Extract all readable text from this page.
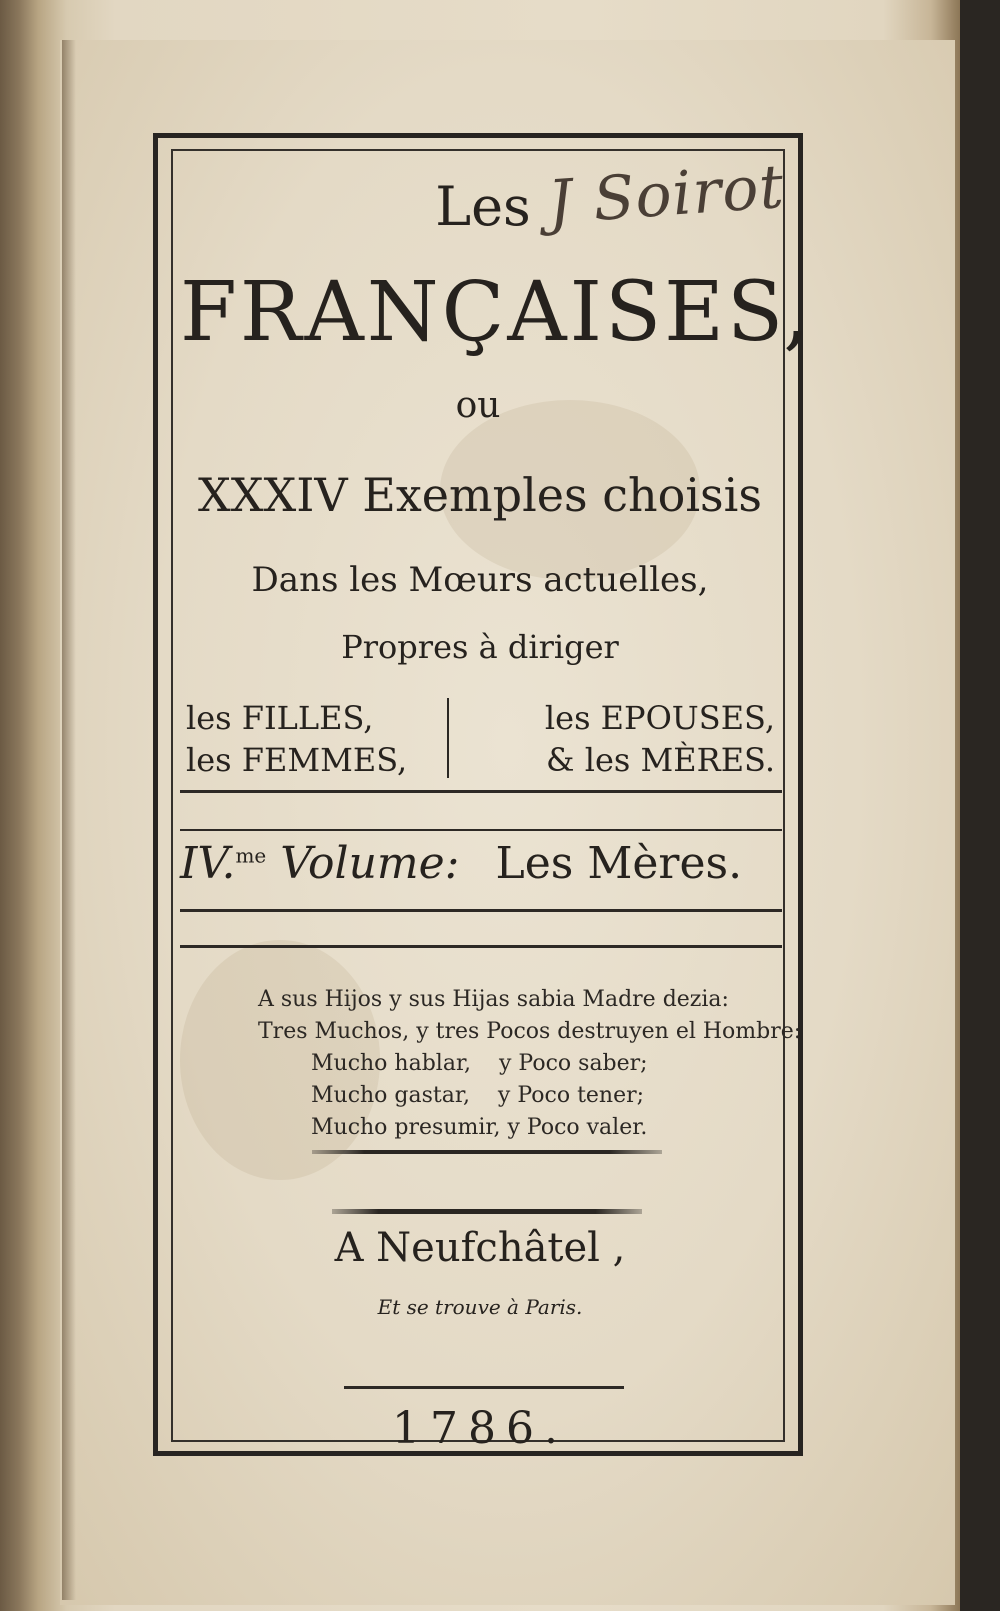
Les J Soirot
FRANÇAISES,
ou
XXXIV Exemples choisis
Dans les Mœurs actuelles,
Propres à diriger
les FILLES,
les FEMMES,
les EPOUSES,
& les MÈRES.
IV.$^{me}$ Volume: Les Mères.
A sus Hijos y sus Hijas sabia Madre dezia:
Tres Muchos, y tres Pocos destruyen el Hombre:
Mucho hablar,    y Poco saber;
Mucho gastar,    y Poco tener;
Mucho presumir, y Poco valer.
A Neufchâtel ,
Et se trouve à Paris.
1786.
